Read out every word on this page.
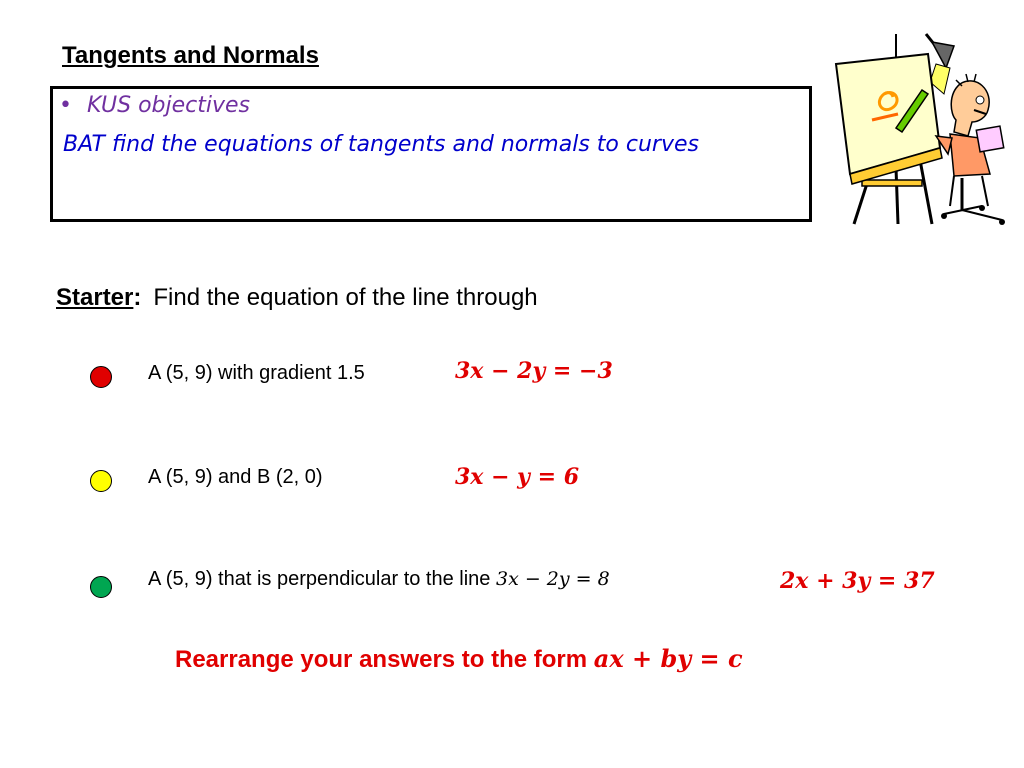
Tangents and Normals
• KUS objectives
BAT find the equations of tangents and normals to curves
Starter: Find the equation of the line through
A (5, 9) with gradient 1.5	3𝒙 − 2𝒚 = −3
A (5, 9) and B (2, 0)	3𝒙 − 𝒚 = 6
A (5, 9) that is perpendicular to the line 3𝑥 − 2𝑦 = 8	2𝒙 + 3𝒚 = 37
Rearrange your answers to the form 𝒂𝒙 + 𝒃𝒚 = 𝒄
